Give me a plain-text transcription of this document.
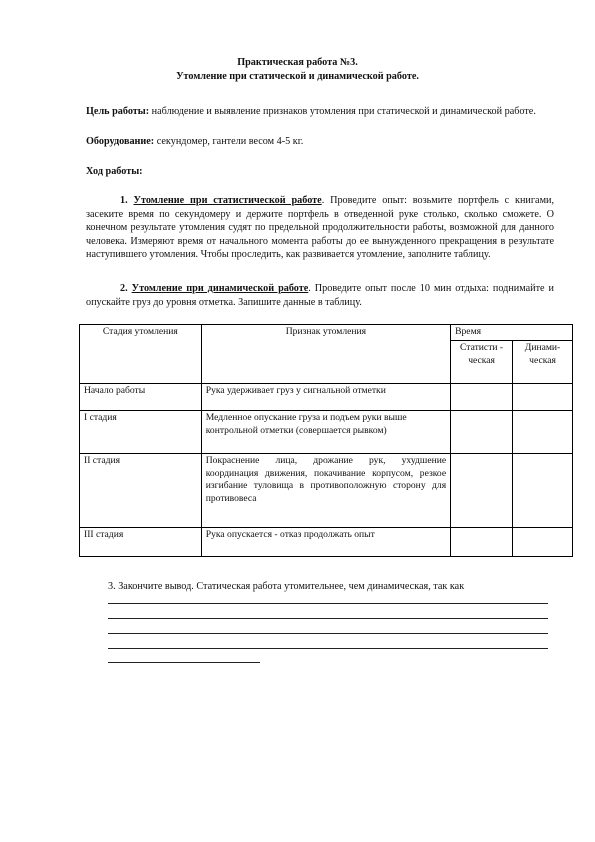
Практическая работа №3.
Утомление при статической и динамической работе.
Цель работы: наблюдение и выявление признаков утомления при статической и динамической работе.
Оборудование: секундомер, гантели весом 4-5 кг.
Ход работы:
1. Утомление при статистической работе. Проведите опыт: возьмите портфель с книгами, засеките время по секундомеру и держите портфель в отведенной руке столько, сколько сможете. О конечном результате утомления судят по предельной продолжительности работы, возможной для данного человека. Измеряют время от начального момента работы до ее вынужденного прекращения в результате наступившего утомления. Чтобы проследить, как развивается утомление, заполните таблицу.
2. Утомление при динамической работе. Проведите опыт после 10 мин отдыха: поднимайте и опускайте груз до уровня отметка. Запишите данные в таблицу.
Стадия утомления	Признак утомления	Время	
		Статисти - ческая	Динами- ческая
Начало работы	Рука удерживает груз у сигнальной отметки		
I стадия	Медленное опускание груза и подъем руки выше контрольной отметки (совершается рывком)		
II стадия	Покраснение лица, дрожание рук, ухудшение координация движения, покачивание корпусом, резкое изгибание туловища в противоположную сторону для противовеса		
III стадия	Рука опускается - отказ продолжать опыт		
3. Закончите вывод. Статическая работа утомительнее, чем динамическая, так как
